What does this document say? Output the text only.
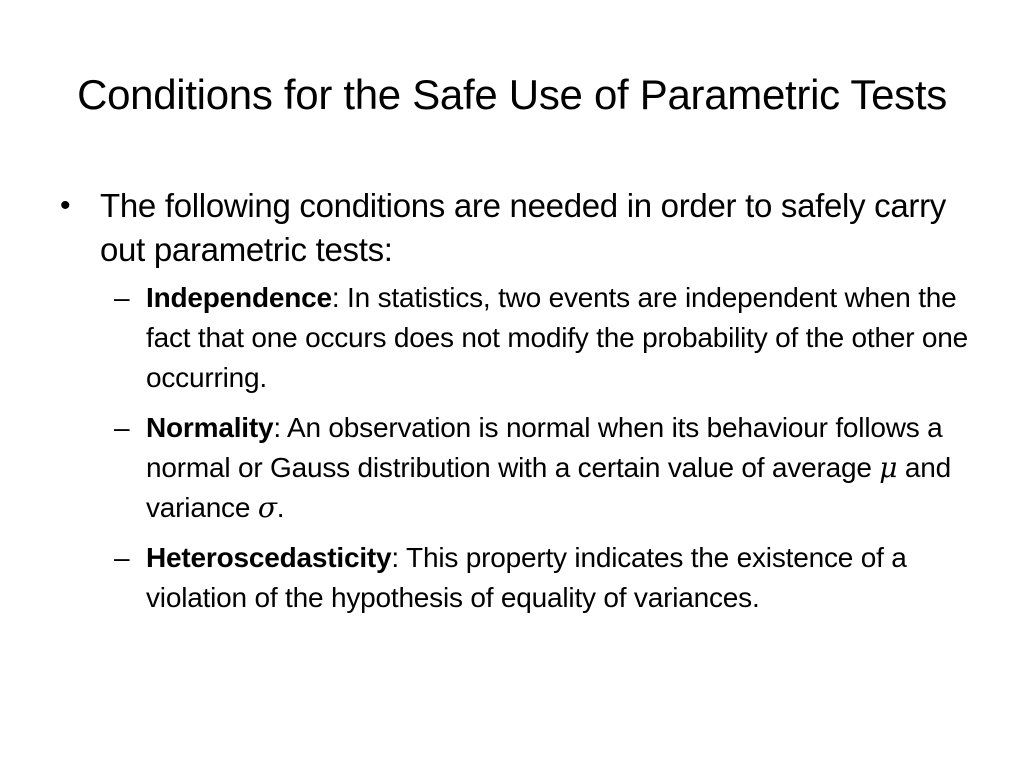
Conditions for the Safe Use of Parametric Tests
• The following conditions are needed in order to safely carry out parametric tests:
– Independence: In statistics, two events are independent when the fact that one occurs does not modify the probability of the other one occurring.
– Normality: An observation is normal when its behaviour follows a normal or Gauss distribution with a certain value of average μ and variance σ.
– Heteroscedasticity: This property indicates the existence of a violation of the hypothesis of equality of variances.
